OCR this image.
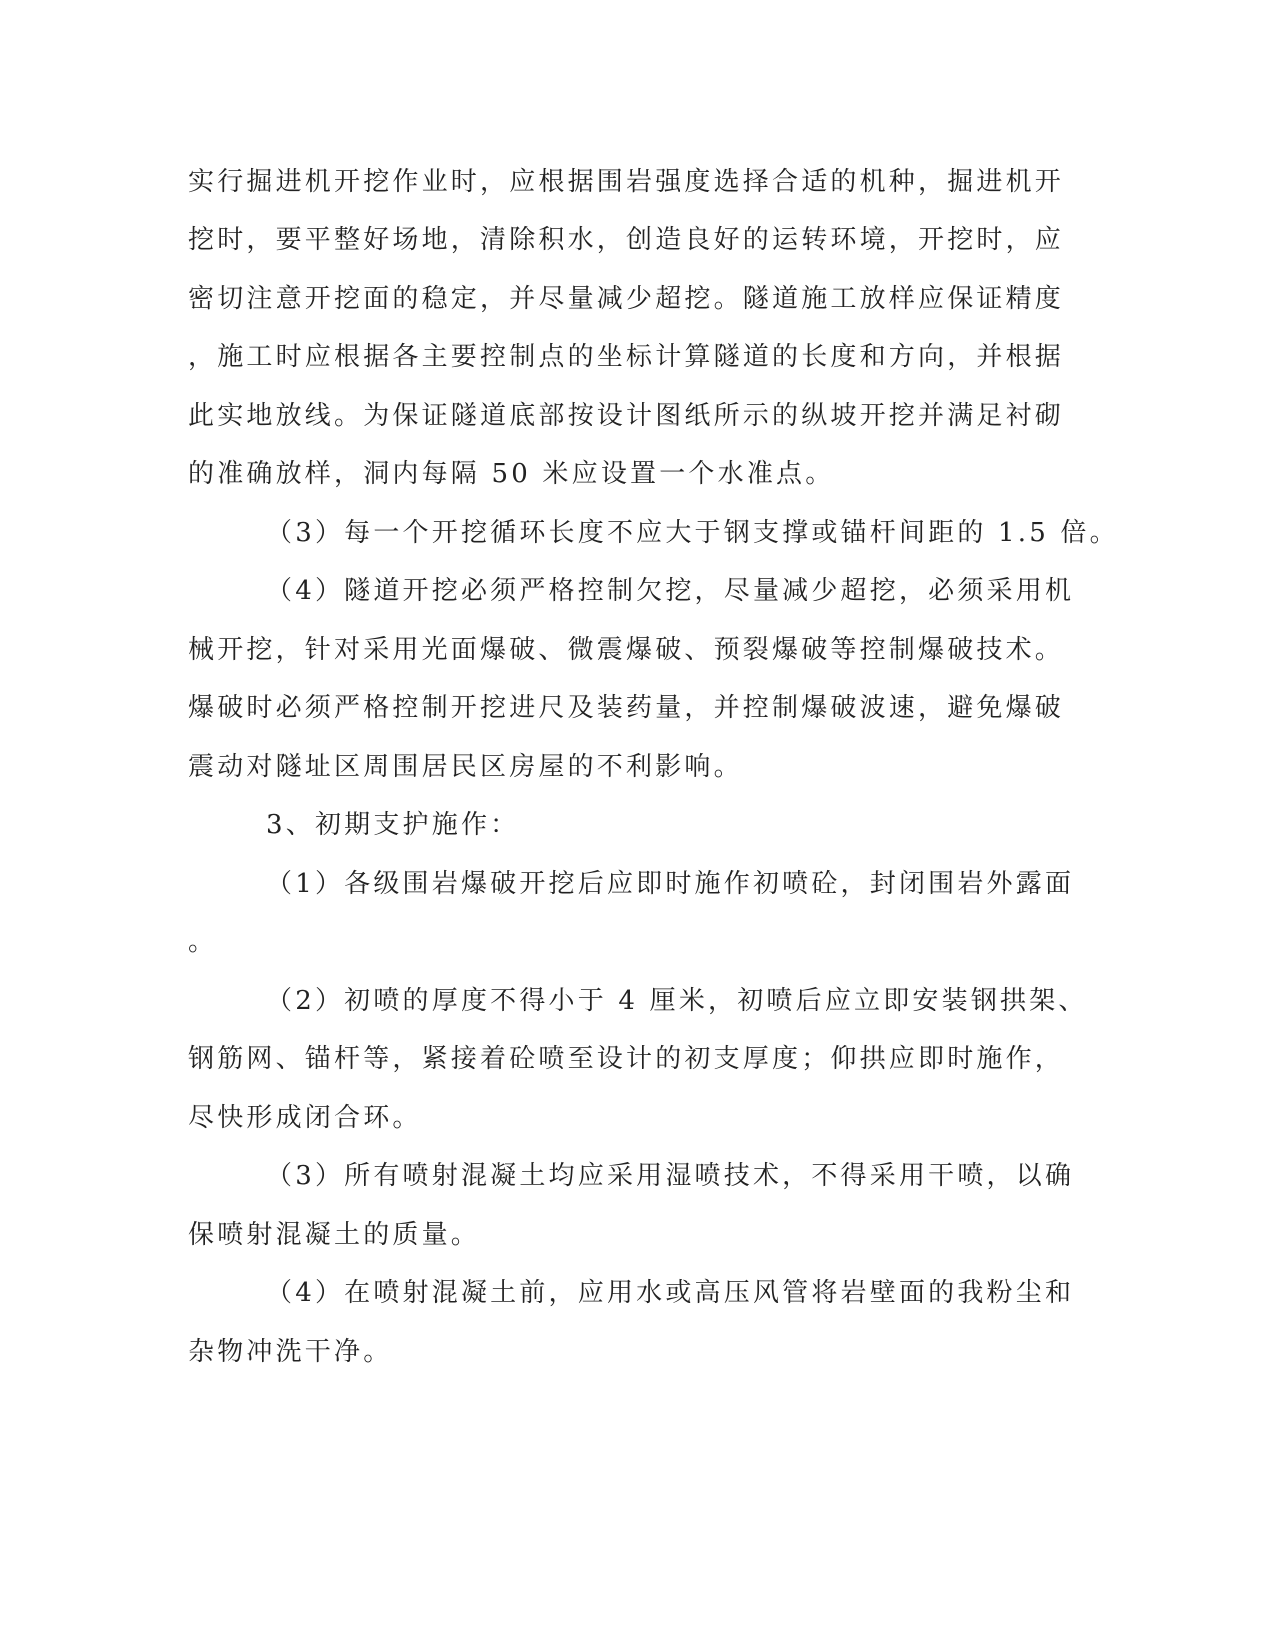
实行掘进机开挖作业时，应根据围岩强度选择合适的机种，掘进机开

挖时，要平整好场地，清除积水，创造良好的运转环境，开挖时，应

密切注意开挖面的稳定，并尽量减少超挖。隧道施工放样应保证精度

，施工时应根据各主要控制点的坐标计算隧道的长度和方向，并根据

此实地放线。为保证隧道底部按设计图纸所示的纵坡开挖并满足衬砌

的准确放样，洞内每隔 50 米应设置一个水准点。

（3）每一个开挖循环长度不应大于钢支撑或锚杆间距的 1.5 倍。

（4）隧道开挖必须严格控制欠挖，尽量减少超挖，必须采用机

械开挖，针对采用光面爆破、微震爆破、预裂爆破等控制爆破技术。

爆破时必须严格控制开挖进尺及装药量，并控制爆破波速，避免爆破

震动对隧址区周围居民区房屋的不利影响。

3、初期支护施作：

（1）各级围岩爆破开挖后应即时施作初喷砼，封闭围岩外露面

。

（2）初喷的厚度不得小于 4 厘米，初喷后应立即安装钢拱架、

钢筋网、锚杆等，紧接着砼喷至设计的初支厚度；仰拱应即时施作，

尽快形成闭合环。

（3）所有喷射混凝土均应采用湿喷技术，不得采用干喷，以确

保喷射混凝土的质量。

（4）在喷射混凝土前，应用水或高压风管将岩壁面的我粉尘和

杂物冲洗干净。
